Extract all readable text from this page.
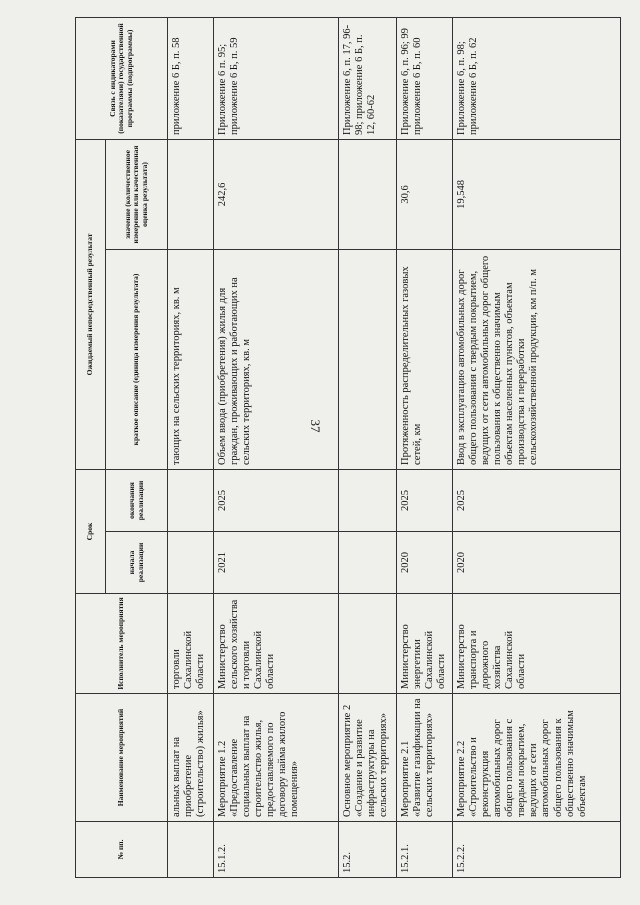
37
№ пп.	Наименование мероприятий	Исполнитель мероприятия	Срок		Ожидаемый непосредственный результат		Связь с индикаторами (показателями) государственной программы (подпрограммы)
			начала реализации	окончания реализации	краткое описание (единица измерения результата)	значение (количественное измерение или качественная оценка результата)	
	альных выплат на приобретение (строительство) жилья»	торговли Сахалинской области			тающих на сельских территориях, кв. м		приложение 6 Б, п. 58
15.1.2.	Мероприятие 1.2 «Предоставление социальных выплат на строительство жилья, предоставляемого по договору найма жилого помещения»	Министерство сельского хозяйства и торговли Сахалинской области	2021	2025	Объем ввода (приобретения) жилья для граждан, проживающих и работающих на сельских территориях, кв. м	242,6	Приложение 6 п. 95; приложение 6 Б, п. 59
15.2.	Основное мероприятие 2 «Создание и развитие инфраструктуры на сельских территориях»						Приложение 6, п. 17, 96-98; приложение 6 Б, п. 12, 60-62
15.2.1.	Мероприятие 2.1 «Развитие газификации на сельских территориях»	Министерство энергетики Сахалинской области	2020	2025	Протяженность распределительных газовых сетей, км	30,6	Приложение 6, п. 96; 99 приложение 6 Б, п. 60
15.2.2.	Мероприятие 2.2 «Строительство и реконструкция автомобильных дорог общего пользования с твердым покрытием, ведущих от сети автомобильных дорог общего пользования к общественно значимым объектам	Министерство транспорта и дорожного хозяйства Сахалинской области	2020	2025	Ввод в эксплуатацию автомобильных дорог общего пользования с твердым покрытием, ведущих от сети автомобильных дорог общего пользования к общественно значимым объектам населенных пунктов, объектам производства и переработки сельскохозяйственной продукции, км п/п. м	19,548	Приложение 6, п. 98; приложение 6 Б, п. 62
